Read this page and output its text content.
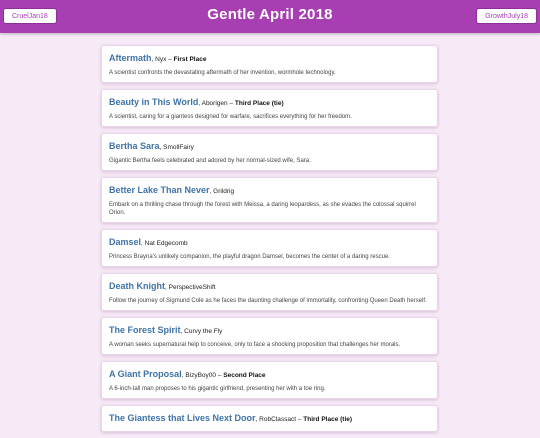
CruelJan18	Gentle April 2018	GrowthJuly18
Aftermath, Nyx – First Place
A scientist confronts the devastating aftermath of her invention, wormhole technology.
Beauty in This World, Aborigen – Third Place (tie)
A scientist, caring for a giantess designed for warfare, sacrifices everything for her freedom.
Bertha Sara, SmollFairy
Gigantic Bertha feels celebrated and adored by her normal-sized wife, Sara.
Better Lake Than Never, Grildrig
Embark on a thrilling chase through the forest with Meissa, a daring leopardess, as she evades the colossal squirrel Orion.
Damsel, Nat Edgecomb
Princess Brayna's unlikely companion, the playful dragon Damsel, becomes the center of a daring rescue.
Death Knight, PerspectiveShift
Follow the journey of Sigmund Cole as he faces the daunting challenge of immortality, confronting Queen Death herself.
The Forest Spirit, Curvy the Fly
A woman seeks supernatural help to conceive, only to face a shocking proposition that challenges her morals.
A Giant Proposal, BizyBoy00 – Second Place
A 6-inch-tall man proposes to his gigantic girlfriend, presenting her with a toe ring.
The Giantess that Lives Next Door, RobClassact – Third Place (tie)
